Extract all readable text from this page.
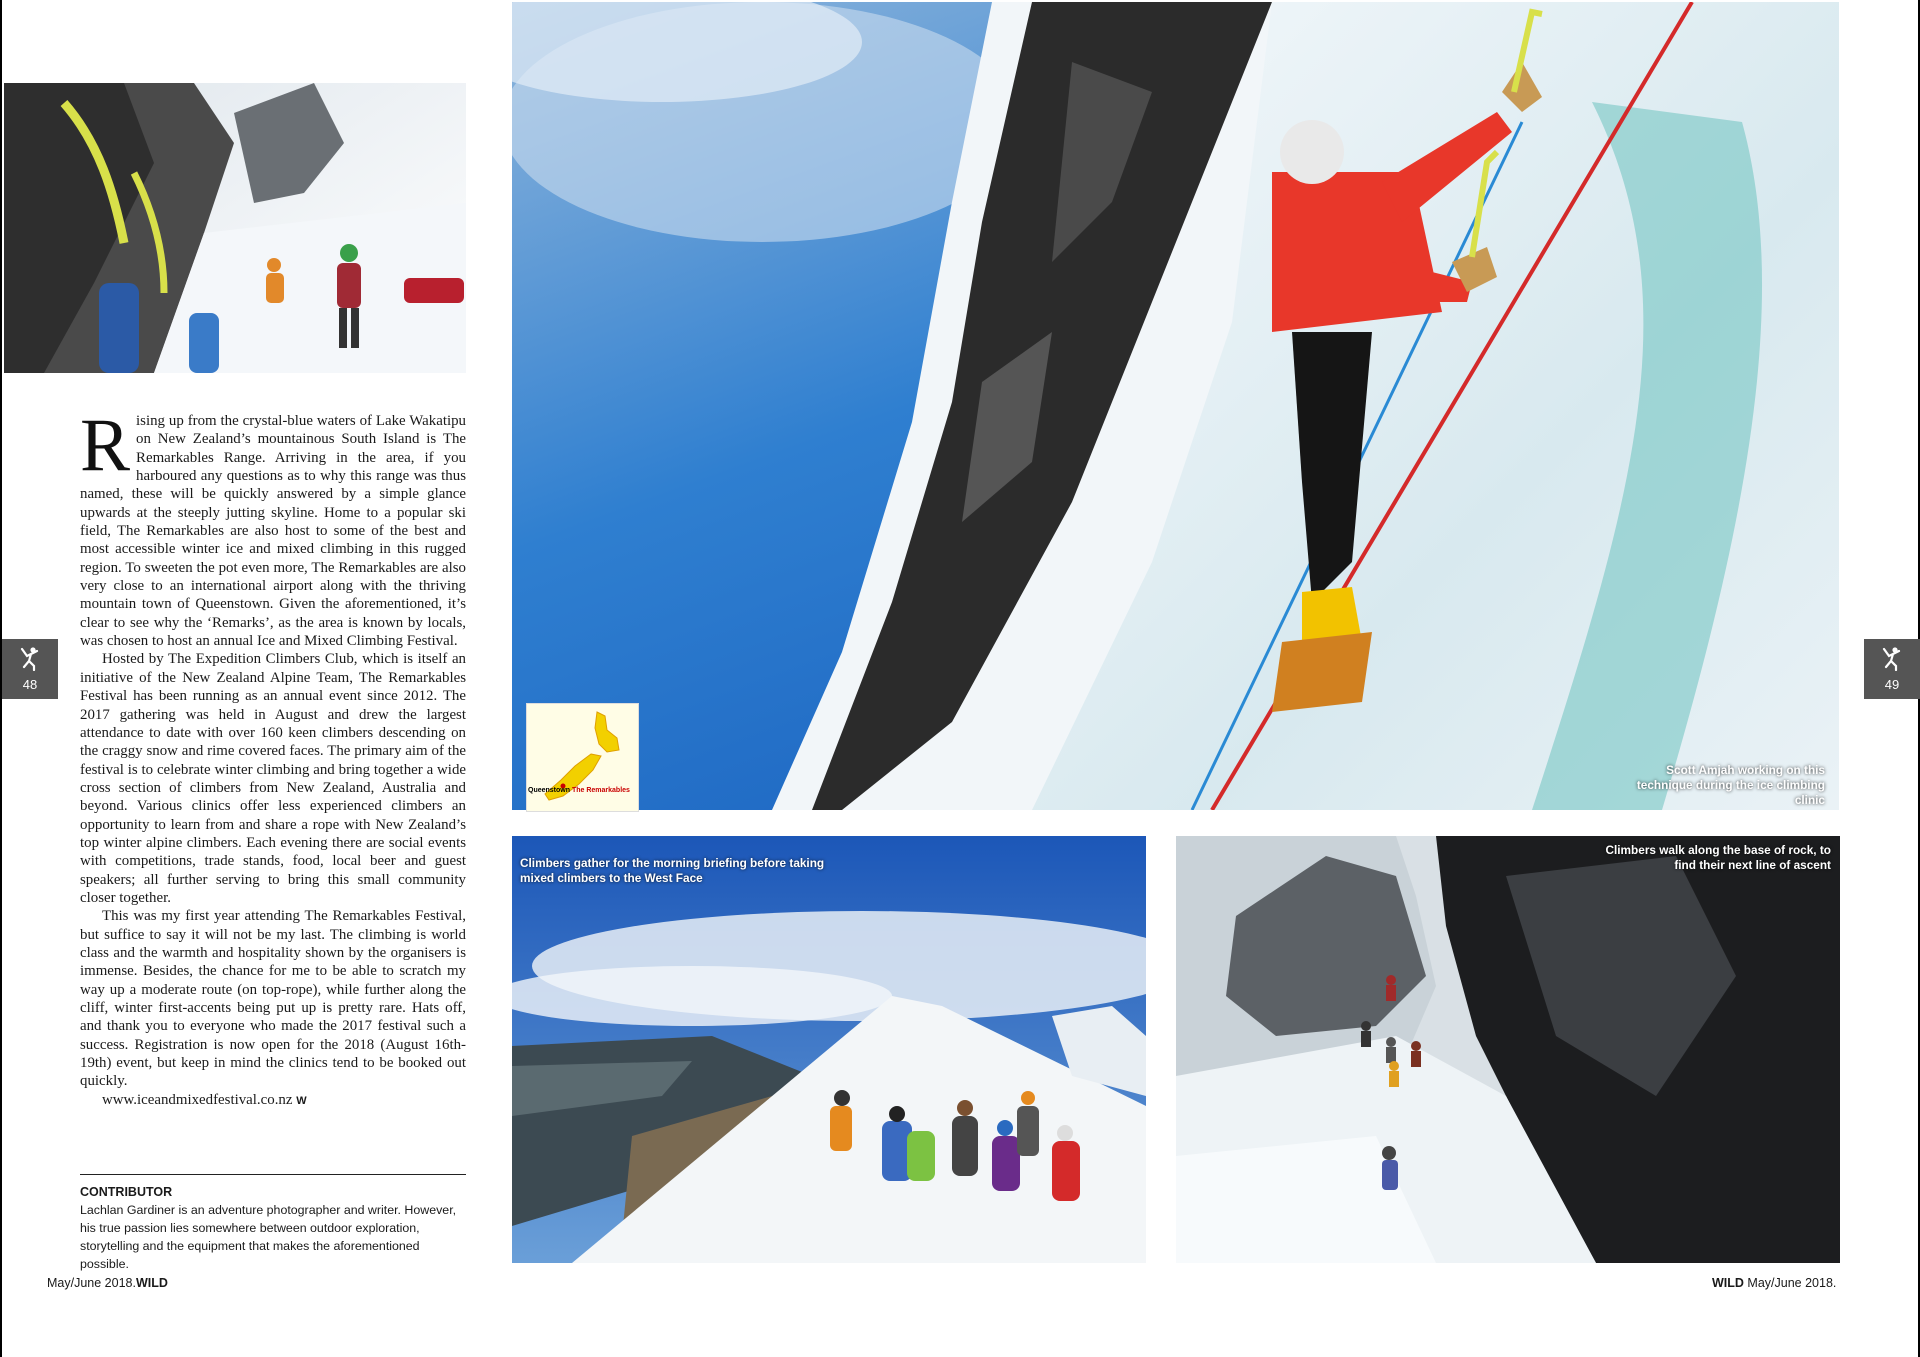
Rising up from the crystal-blue waters of Lake Wakatipu on New Zealand’s mountainous South Island is The Remarkables Range. Arriving in the area, if you harboured any questions as to why this range was thus named, these will be quickly answered by a simple glance upwards at the steeply jutting skyline. Home to a popular ski field, The Remarkables are also host to some of the best and most accessible winter ice and mixed climbing in this rugged region. To sweeten the pot even more, The Remarkables are also very close to an international airport along with the thriving mountain town of Queenstown. Given the aforementioned, it’s clear to see why the ‘Remarks’, as the area is known by locals, was chosen to host an annual Ice and Mixed Climbing Festival.

Hosted by The Expedition Climbers Club, which is itself an initiative of the New Zealand Alpine Team, The Remarkables Festival has been running as an annual event since 2012. The 2017 gathering was held in August and drew the largest attendance to date with over 160 keen climbers descending on the craggy snow and rime covered faces. The primary aim of the festival is to celebrate winter climbing and bring together a wide cross section of climbers from New Zealand, Australia and beyond. Various clinics offer less experienced climbers an opportunity to learn from and share a rope with New Zealand’s top winter alpine climbers. Each evening there are social events with competitions, trade stands, food, local beer and guest speakers; all further serving to bring this small community closer together.

This was my first year attending The Remarkables Festival, but suffice to say it will not be my last. The climbing is world class and the warmth and hospitality shown by the organisers is immense. Besides, the chance for me to be able to scratch my way up a moderate route (on top-rope), while further along the cliff, winter first-accents being put up is pretty rare. Hats off, and thank you to everyone who made the 2017 festival such a success. Registration is now open for the 2018 (August 16th-19th) event, but keep in mind the clinics tend to be booked out quickly.

www.iceandmixedfestival.co.nz W
CONTRIBUTOR
Lachlan Gardiner is an adventure photographer and writer. However, his true passion lies somewhere between outdoor exploration, storytelling and the equipment that makes the aforementioned possible.
48
May/June 2018.WILD
Queenstown The Remarkables
Scott Amjah working on this technique during the ice climbing clinic
Climbers gather for the morning briefing before taking mixed climbers to the West Face
Climbers walk along the base of rock, to find their next line of ascent
49
WILD May/June 2018.
